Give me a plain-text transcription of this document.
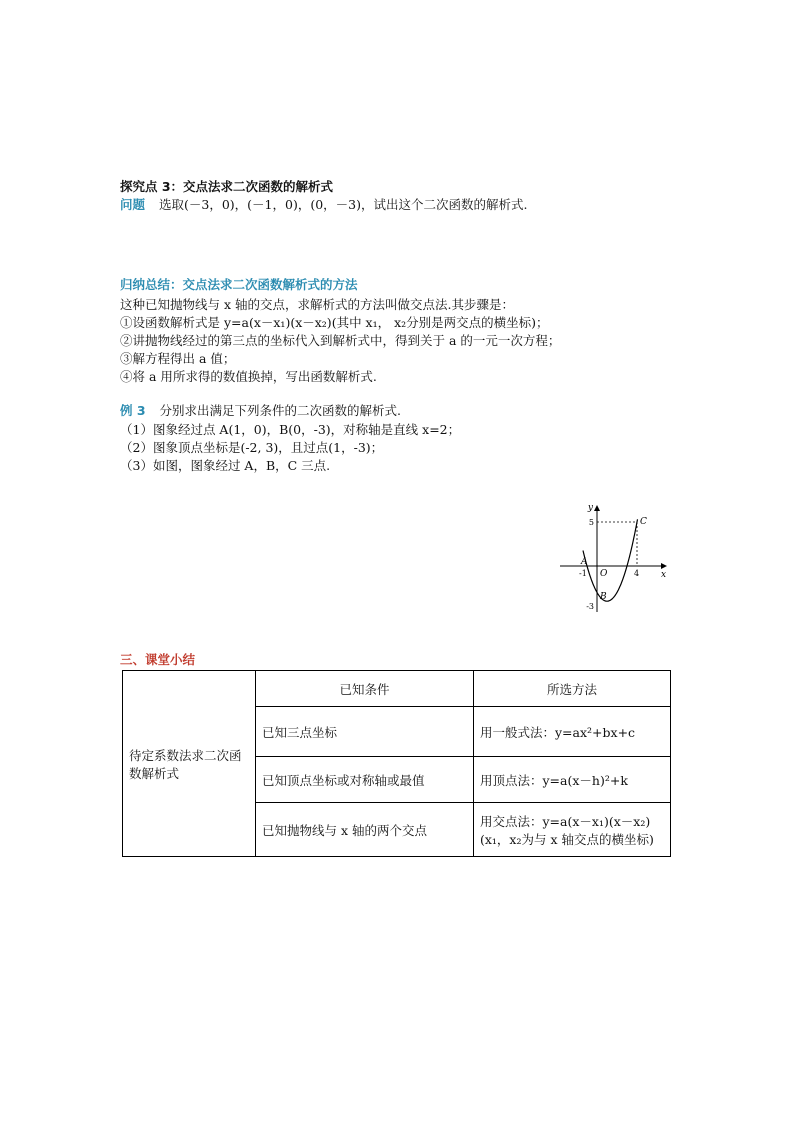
探究点 3：交点法求二次函数的解析式
问题 选取(－3，0)，(－1，0)，(0，－3)，试出这个二次函数的解析式.
归纳总结：交点法求二次函数解析式的方法
这种已知抛物线与 x 轴的交点，求解析式的方法叫做交点法.其步骤是：
①设函数解析式是 y=a(x－x₁)(x－x₂)(其中 x₁， x₂分别是两交点的横坐标)；
②讲抛物线经过的第三点的坐标代入到解析式中，得到关于 a 的一元一次方程；
③解方程得出 a 值；
④将 a 用所求得的数值换掉，写出函数解析式.
例 3 分别求出满足下列条件的二次函数的解析式.
（1）图象经过点 A(1，0)，B(0，-3)，对称轴是直线 x=2；
（2）图象顶点坐标是(-2, 3)，且过点(1，-3)；
（3）如图，图象经过 A，B，C 三点.
y
x
O
A
B
C
-1	4
5
-3
三、课堂小结
待定系数法求二次函数解析式	已知条件	所选方法
	已知三点坐标	用一般式法：y=ax²+bx+c
	已知顶点坐标或对称轴或最值	用顶点法：y=a(x－h)²+k
	已知抛物线与 x 轴的两个交点	用交点法：y=a(x－x₁)(x－x₂)
(x₁，x₂为与 x 轴交点的横坐标)
